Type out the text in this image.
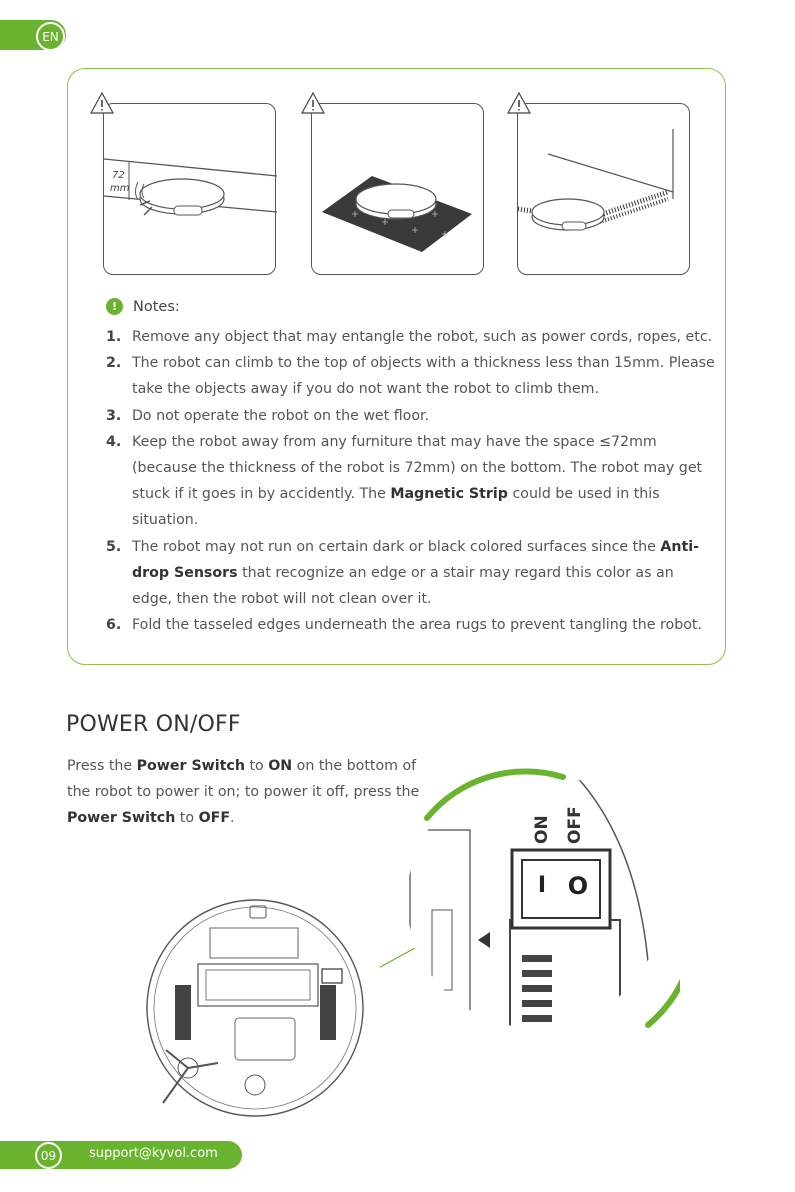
EN
72
mm
!	Notes:
1. Remove any object that may entangle the robot, such as power cords, ropes, etc.
2. The robot can climb to the top of objects with a thickness less than 15mm. Please take the objects away if you do not want the robot to climb them.
3. Do not operate the robot on the wet floor.
4. Keep the robot away from any furniture that may have the space ≤72mm (because the thickness of the robot is 72mm) on the bottom. The robot may get stuck if it goes in by accidently. The Magnetic Strip could be used in this situation.
5. The robot may not run on certain dark or black colored surfaces since the Anti-drop Sensors that recognize an edge or a stair may regard this color as an edge, then the robot will not clean over it.
6. Fold the tasseled edges underneath the area rugs to prevent tangling the robot.
POWER ON/OFF

Press the Power Switch to ON on the bottom of the robot to power it on; to power it off, press the Power Switch to OFF.

I O
ON OFF
09	support@kyvol.com
